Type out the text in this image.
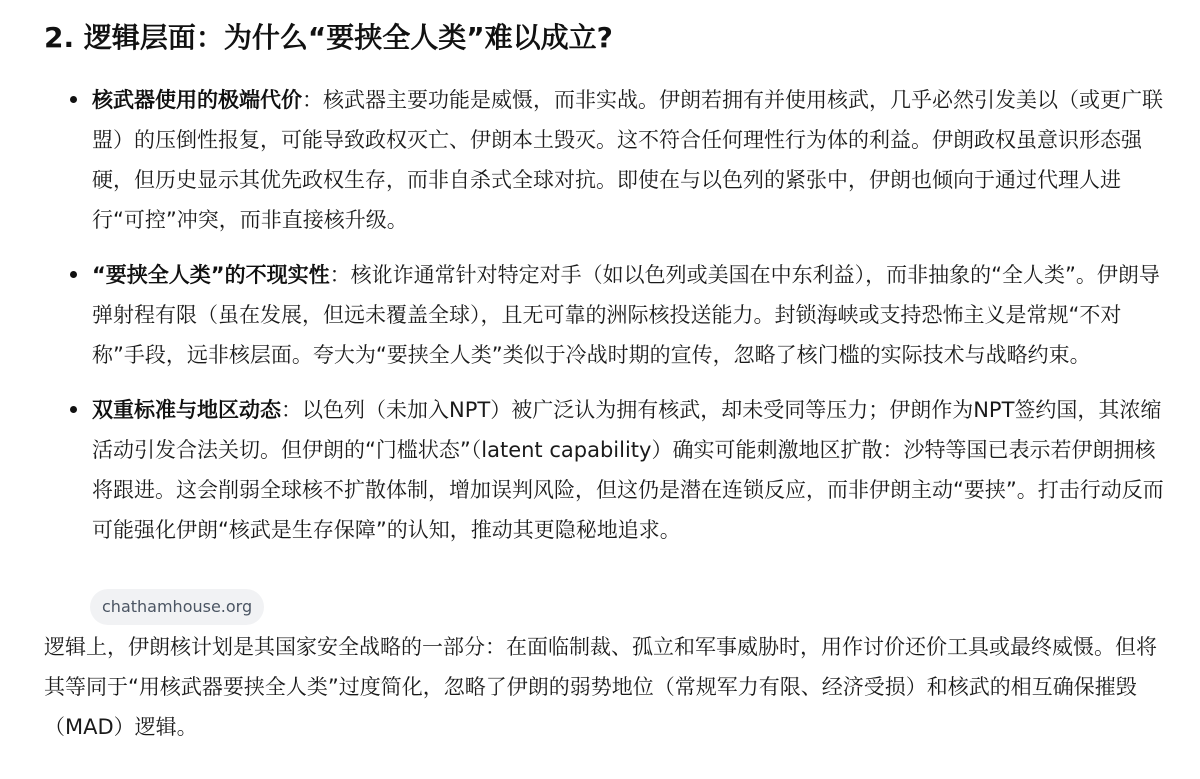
2. 逻辑层面：为什么“要挟全人类”难以成立?
核武器使用的极端代价：核武器主要功能是威慑，而非实战。伊朗若拥有并使用核武，几乎必然引发美以（或更广联盟）的压倒性报复，可能导致政权灭亡、伊朗本土毁灭。这不符合任何理性行为体的利益。伊朗政权虽意识形态强硬，但历史显示其优先政权生存，而非自杀式全球对抗。即使在与以色列的紧张中，伊朗也倾向于通过代理人进行“可控”冲突，而非直接核升级。
“要挟全人类”的不现实性：核讹诈通常针对特定对手（如以色列或美国在中东利益），而非抽象的“全人类”。伊朗导弹射程有限（虽在发展，但远未覆盖全球），且无可靠的洲际核投送能力。封锁海峡或支持恐怖主义是常规“不对称”手段，远非核层面。夸大为“要挟全人类”类似于冷战时期的宣传，忽略了核门槛的实际技术与战略约束。
双重标准与地区动态：以色列（未加入NPT）被广泛认为拥有核武，却未受同等压力；伊朗作为NPT签约国，其浓缩活动引发合法关切。但伊朗的“门槛状态”（latent capability）确实可能刺激地区扩散：沙特等国已表示若伊朗拥核将跟进。这会削弱全球核不扩散体制，增加误判风险，但这仍是潜在连锁反应，而非伊朗主动“要挟”。打击行动反而可能强化伊朗“核武是生存保障”的认知，推动其更隐秘地追求。
chathamhouse.org

逻辑上，伊朗核计划是其国家安全战略的一部分：在面临制裁、孤立和军事威胁时，用作讨价还价工具或最终威慑。但将其等同于“用核武器要挟全人类”过度简化，忽略了伊朗的弱势地位（常规军力有限、经济受损）和核武的相互确保摧毁（MAD）逻辑。
